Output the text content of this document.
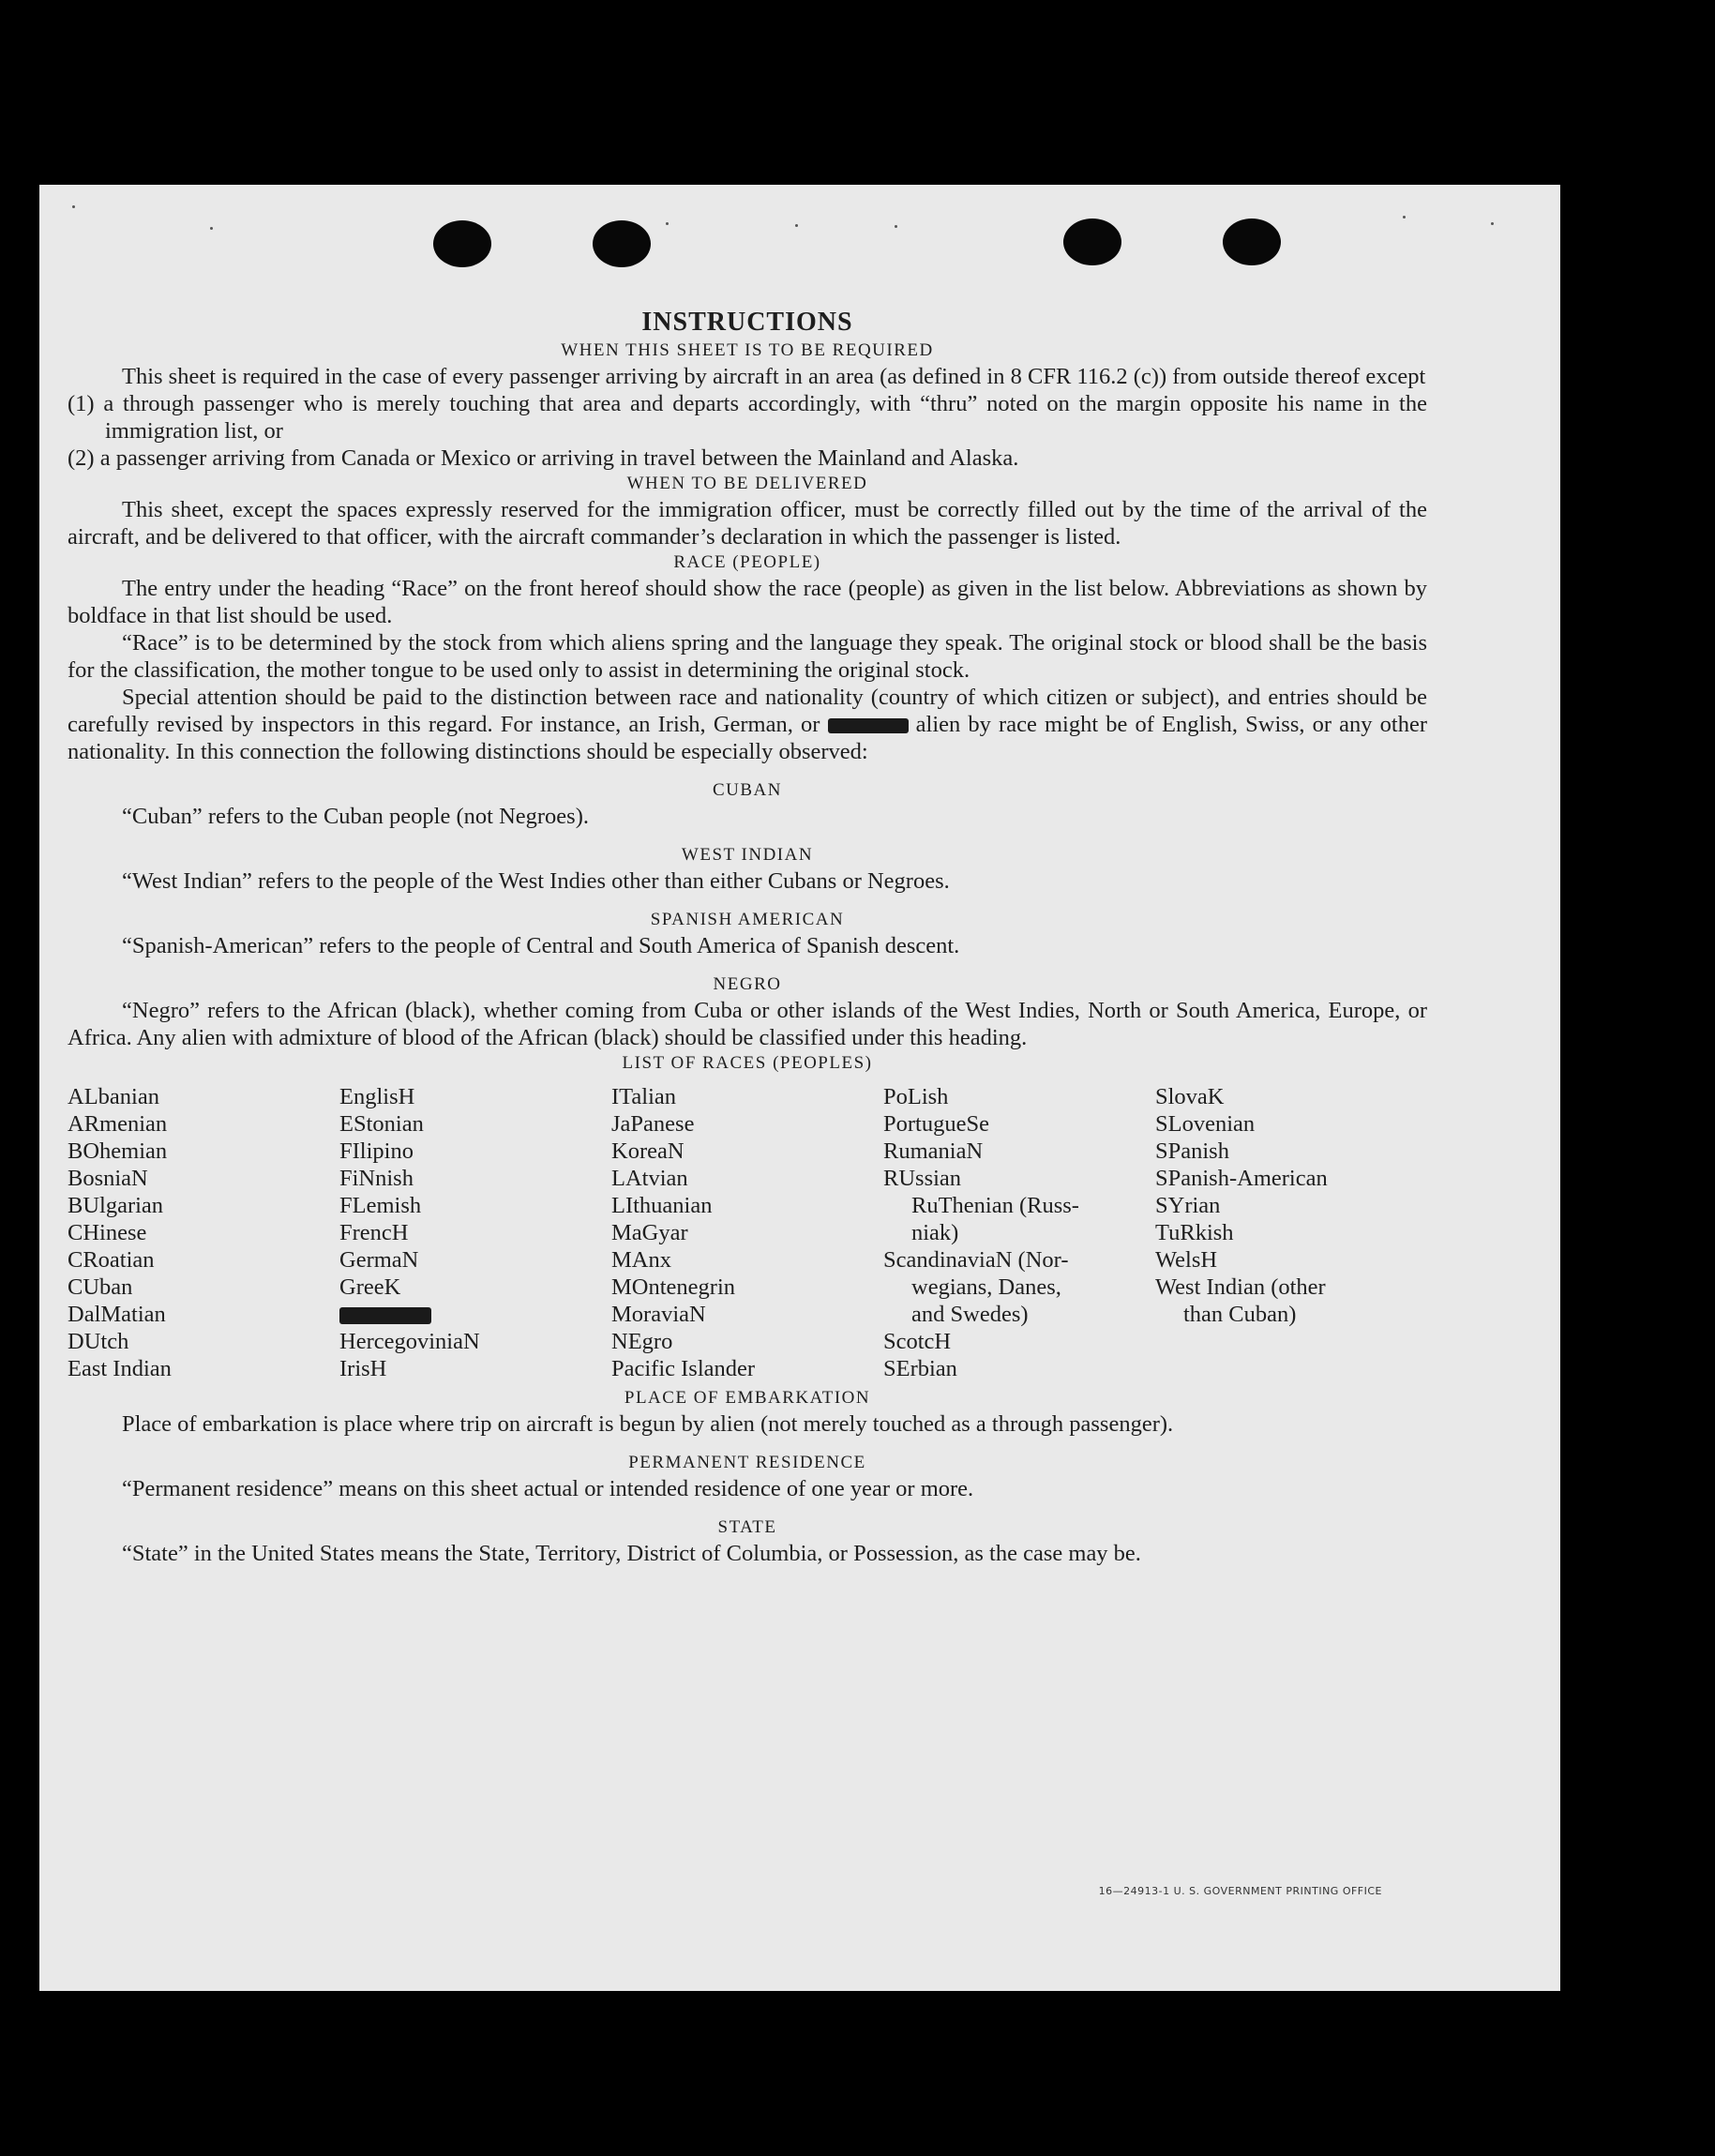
INSTRUCTIONS

WHEN THIS SHEET IS TO BE REQUIRED

This sheet is required in the case of every passenger arriving by aircraft in an area (as defined in 8 CFR 116.2 (c)) from outside thereof except

(1) a through passenger who is merely touching that area and departs accordingly, with “thru” noted on the margin opposite his name in the immigration list, or

(2) a passenger arriving from Canada or Mexico or arriving in travel between the Mainland and Alaska.

WHEN TO BE DELIVERED

This sheet, except the spaces expressly reserved for the immigration officer, must be correctly filled out by the time of the arrival of the aircraft, and be delivered to that officer, with the aircraft commander’s declaration in which the passenger is listed.

RACE (PEOPLE)

The entry under the heading “Race” on the front hereof should show the race (people) as given in the list below. Abbreviations as shown by boldface in that list should be used.

“Race” is to be determined by the stock from which aliens spring and the language they speak. The original stock or blood shall be the basis for the classification, the mother tongue to be used only to assist in determining the original stock.

Special attention should be paid to the distinction between race and nationality (country of which citizen or subject), and entries should be carefully revised by inspectors in this regard. For instance, an Irish, German, or	alien by race might be of English, Swiss, or any other nationality. In this connection the following distinctions should be especially observed:

CUBAN

“Cuban” refers to the Cuban people (not Negroes).

WEST INDIAN

“West Indian” refers to the people of the West Indies other than either Cubans or Negroes.

SPANISH AMERICAN

“Spanish-American” refers to the people of Central and South America of Spanish descent.

NEGRO

“Negro” refers to the African (black), whether coming from Cuba or other islands of the West Indies, North or South America, Europe, or Africa. Any alien with admixture of blood of the African (black) should be classified under this heading.

LIST OF RACES (PEOPLES)

ALbanian

ARmenian

BOhemian

BosniaN

BUlgarian

CHinese

CRoatian

CUban

DalMatian

DUtch

East Indian

EnglisH

EStonian

FIlipino

FiNnish

FLemish

FrencH

GermaN

GreeK

HercegoviniaN

IrisH

ITalian

JaPanese

KoreaN

LAtvian

LIthuanian

MaGyar

MAnx

MOntenegrin

MoraviaN

NEgro

Pacific Islander

PoLish

PortugueSe

RumaniaN

RUssian

RuThenian (Russ-

niak)

ScandinaviaN (Nor-

wegians, Danes,

and Swedes)

ScotcH

SErbian

SlovaK

SLovenian

SPanish

SPanish-American

SYrian

TuRkish

WelsH

West Indian (other

than Cuban)

PLACE OF EMBARKATION

Place of embarkation is place where trip on aircraft is begun by alien (not merely touched as a through passenger).

PERMANENT RESIDENCE

“Permanent residence” means on this sheet actual or intended residence of one year or more.

STATE

“State” in the United States means the State, Territory, District of Columbia, or Possession, as the case may be.

16—24913-1 U. S. GOVERNMENT PRINTING OFFICE
